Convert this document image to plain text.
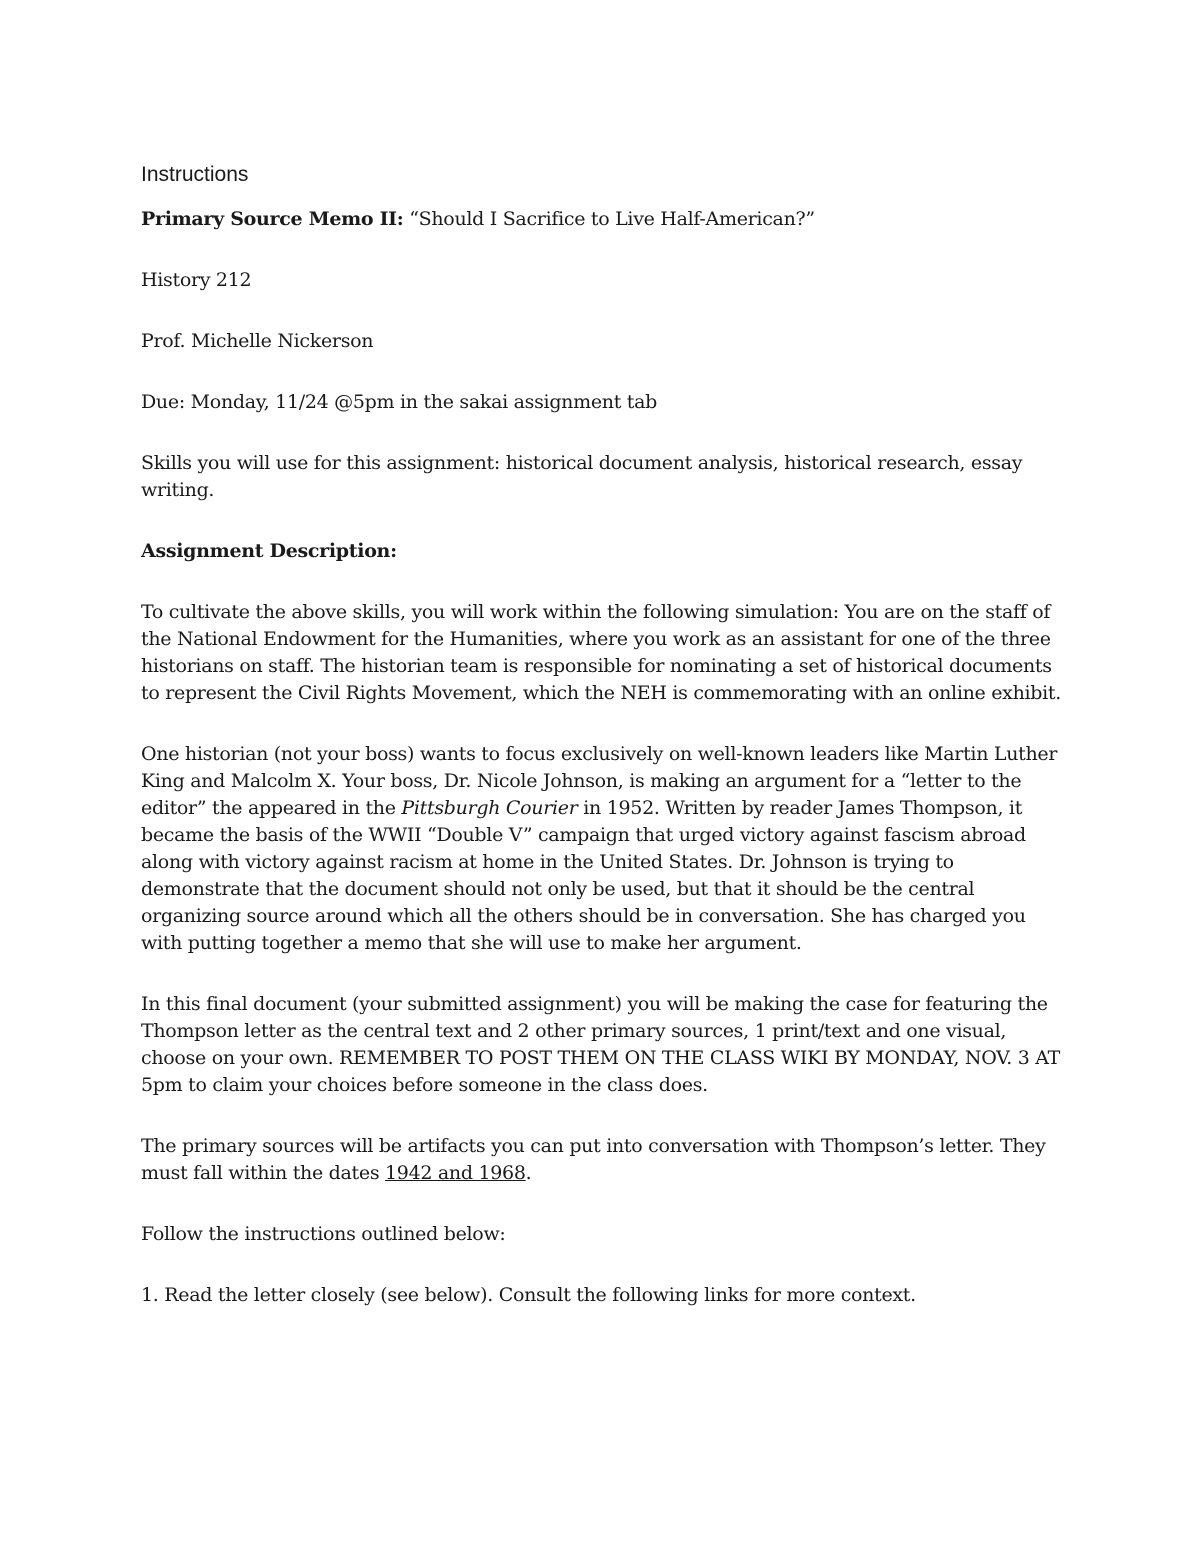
Instructions

Primary Source Memo II: “Should I Sacrifice to Live Half-American?”

History 212

Prof. Michelle Nickerson

Due: Monday, 11/24 @5pm in the sakai assignment tab

Skills you will use for this assignment: historical document analysis, historical research, essay writing.

Assignment Description:

To cultivate the above skills, you will work within the following simulation: You are on the staff of the National Endowment for the Humanities, where you work as an assistant for one of the three historians on staff. The historian team is responsible for nominating a set of historical documents to represent the Civil Rights Movement, which the NEH is commemorating with an online exhibit.

One historian (not your boss) wants to focus exclusively on well-known leaders like Martin Luther King and Malcolm X. Your boss, Dr. Nicole Johnson, is making an argument for a “letter to the editor” the appeared in the Pittsburgh Courier in 1952. Written by reader James Thompson, it became the basis of the WWII “Double V” campaign that urged victory against fascism abroad along with victory against racism at home in the United States. Dr. Johnson is trying to demonstrate that the document should not only be used, but that it should be the central organizing source around which all the others should be in conversation. She has charged you with putting together a memo that she will use to make her argument.

In this final document (your submitted assignment) you will be making the case for featuring the Thompson letter as the central text and 2 other primary sources, 1 print/text and one visual, choose on your own. REMEMBER TO POST THEM ON THE CLASS WIKI BY MONDAY, NOV. 3 AT 5pm to claim your choices before someone in the class does.

The primary sources will be artifacts you can put into conversation with Thompson’s letter. They must fall within the dates 1942 and 1968.

Follow the instructions outlined below:

1. Read the letter closely (see below). Consult the following links for more context.
